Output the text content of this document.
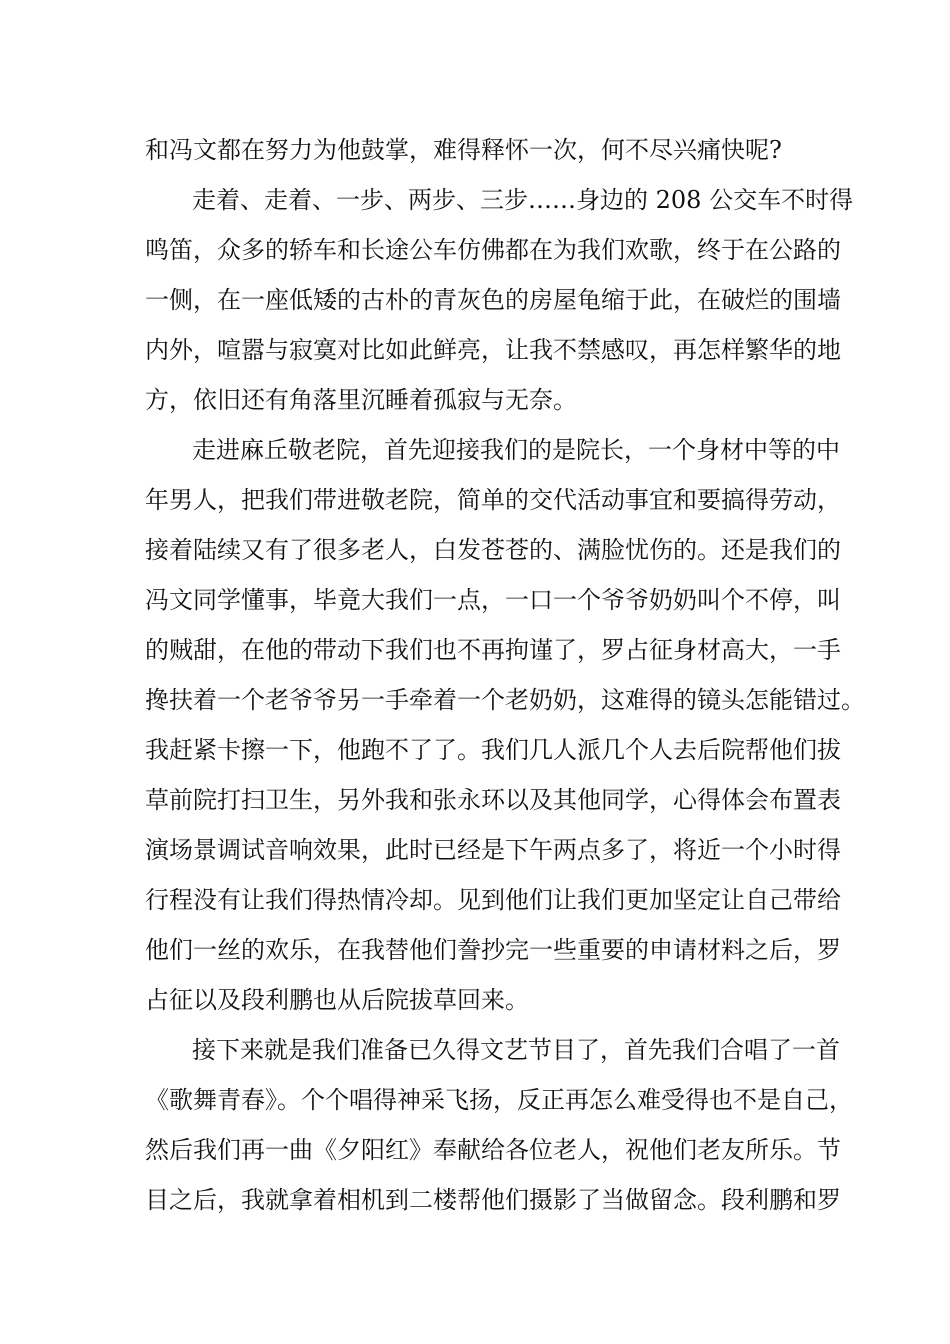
和冯文都在努力为他鼓掌，难得释怀一次，何不尽兴痛快呢?
走着、走着、一步、两步、三步……身边的 208 公交车不时得
鸣笛，众多的轿车和长途公车仿佛都在为我们欢歌，终于在公路的
一侧，在一座低矮的古朴的青灰色的房屋龟缩于此，在破烂的围墙
内外，喧嚣与寂寞对比如此鲜亮，让我不禁感叹，再怎样繁华的地
方，依旧还有角落里沉睡着孤寂与无奈。
走进麻丘敬老院，首先迎接我们的是院长，一个身材中等的中
年男人，把我们带进敬老院，简单的交代活动事宜和要搞得劳动，
接着陆续又有了很多老人，白发苍苍的、满脸忧伤的。还是我们的
冯文同学懂事，毕竟大我们一点，一口一个爷爷奶奶叫个不停，叫
的贼甜，在他的带动下我们也不再拘谨了，罗占征身材高大，一手
搀扶着一个老爷爷另一手牵着一个老奶奶，这难得的镜头怎能错过。
我赶紧卡擦一下，他跑不了了。我们几人派几个人去后院帮他们拔
草前院打扫卫生，另外我和张永环以及其他同学，心得体会布置表
演场景调试音响效果，此时已经是下午两点多了，将近一个小时得
行程没有让我们得热情冷却。见到他们让我们更加坚定让自己带给
他们一丝的欢乐，在我替他们誊抄完一些重要的申请材料之后，罗
占征以及段利鹏也从后院拔草回来。
接下来就是我们准备已久得文艺节目了，首先我们合唱了一首
《歌舞青春》。个个唱得神采飞扬，反正再怎么难受得也不是自己，
然后我们再一曲《夕阳红》奉献给各位老人，祝他们老友所乐。节
目之后，我就拿着相机到二楼帮他们摄影了当做留念。段利鹏和罗
